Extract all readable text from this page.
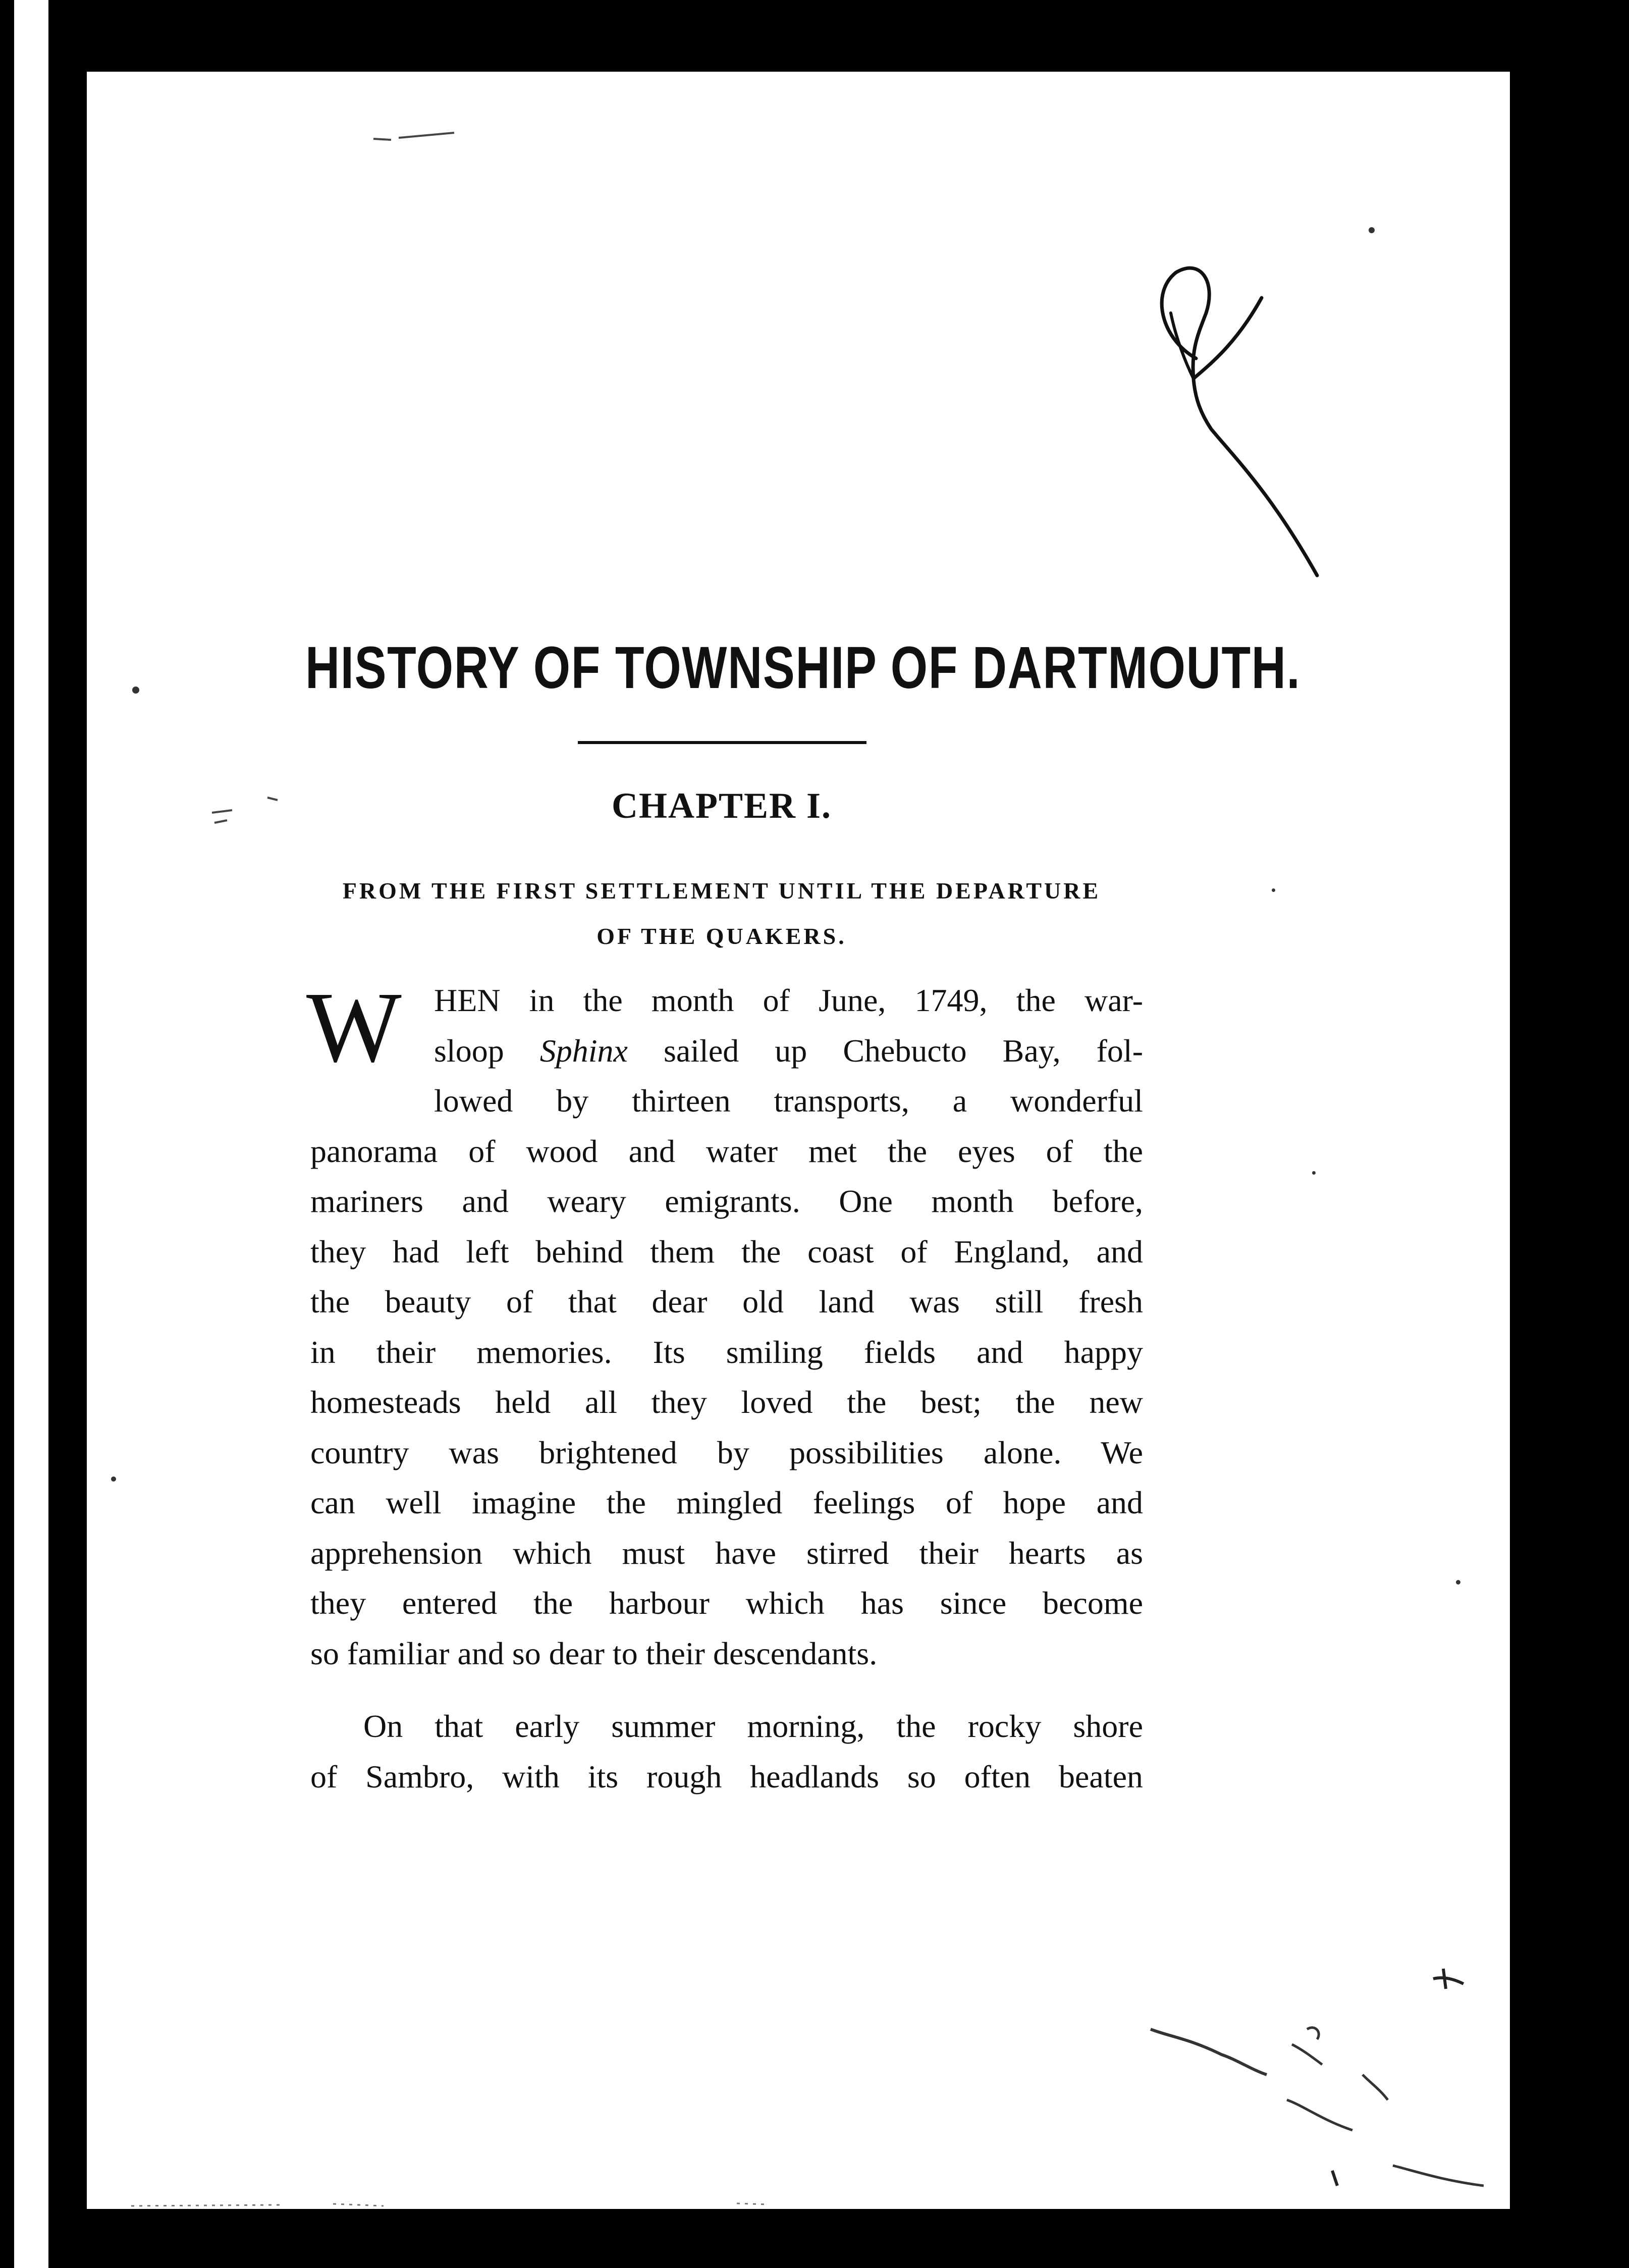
HISTORY OF TOWNSHIP OF DARTMOUTH.
CHAPTER I.
FROM THE FIRST SETTLEMENT UNTIL THE DEPARTURE
OF THE QUAKERS.
W	HEN in the month of June, 1749, the war-
sloop Sphinx sailed up Chebucto Bay, fol-
lowed by thirteen transports, a wonderful
panorama of wood and water met the eyes of the
mariners and weary emigrants. One month before,
they had left behind them the coast of England, and
the beauty of that dear old land was still fresh
in their memories. Its smiling fields and happy
homesteads held all they loved the best; the new
country was brightened by possibilities alone. We
can well imagine the mingled feelings of hope and
apprehension which must have stirred their hearts as
they entered the harbour which has since become
so familiar and so dear to their descendants.
On that early summer morning, the rocky shore
of Sambro, with its rough headlands so often beaten
